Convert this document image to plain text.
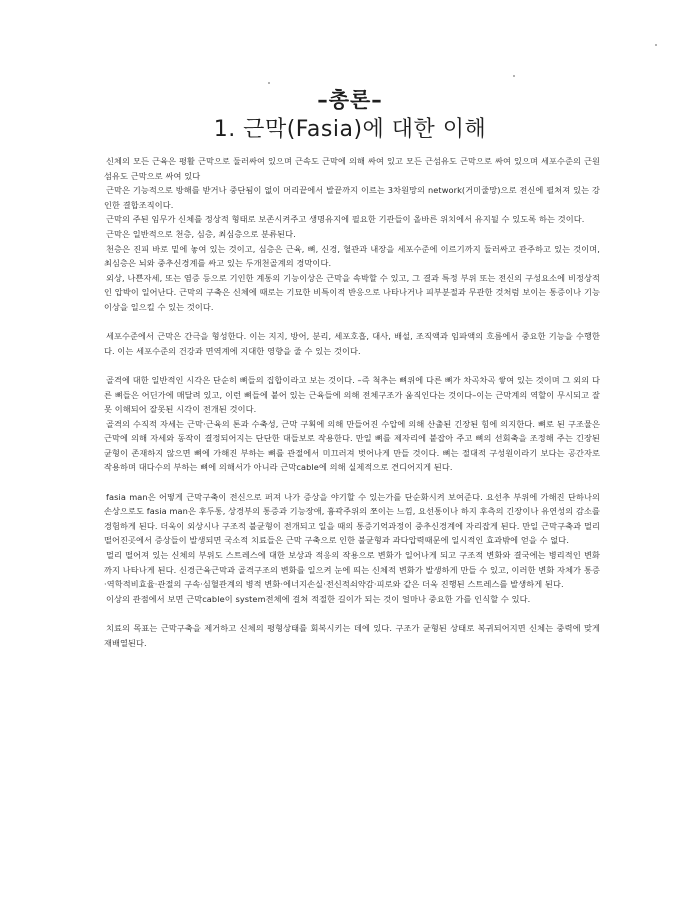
–총론–
1. 근막(Fasia)에 대한 이해

신체의 모든 근육은 평활 근막으로 둘러싸여 있으며 근속도 근막에 의해 싸여 있고 모든 근섬유도 근막으로 싸여 있으며 세포수준의 근원섬유도 근막으로 싸여 있다

근막은 기능적으로 방해를 받거나 중단됨이 없이 머리끝에서 발끝까지 이르는 3차원망의 network(거미줄망)으로 전신에 펼쳐져 있는 강인한 결합조직이다.

근막의 주된 임무가 신체를 정상적 형태로 보존시켜주고 생명유지에 필요한 기관들이 올바른 위치에서 유지될 수 있도록 하는 것이다.

근막은 일반적으로 천층, 심층, 최심층으로 분류된다.

천층은 진피 바로 밑에 놓여 있는 것이고, 심층은 근육, 뼈, 신경, 혈관과 내장을 세포수준에 이르기까지 둘러싸고 관주하고 있는 것이며, 최심층은 뇌와 중추신경계를 싸고 있는 두개천골계의 경막이다.

외상, 나쁜자세, 또는 염증 등으로 기인한 계통의 기능이상은 근막을 속박할 수 있고, 그 결과 특정 부위 또는 전신의 구성요소에 비정상적인 압박이 일어난다. 근막의 구축은 신체에 때로는 기묘한 비특이적 반응으로 나타나거나 피부분절과 무관한 것처럼 보이는 통증이나 기능이상을 일으킬 수 있는 것이다.

세포수준에서 근막은 간극을 형성한다. 이는 지지, 방어, 분리, 세포호흡, 대사, 배설, 조직액과 임파액의 흐름에서 중요한 기능을 수행한다. 이는 세포수준의 건강과 면역계에 지대한 영향을 줄 수 있는 것이다.

골격에 대한 일반적인 시각은 단순히 뼈들의 집합이라고 보는 것이다. –즉 척추는 뼈위에 다른 뼈가 차곡차곡 쌓여 있는 것이며 그 외의 다른 뼈들은 어딘가에 매달려 있고, 이런 뼈들에 붙어 있는 근육들에 의해 전체구조가 움직인다는 것이다–이는 근막계의 역할이 무시되고 잘못 이해되어 잘못된 시각이 전개된 것이다.

골격의 수직적 자세는 근막·근육의 톤과 수축성, 근막 구획에 의해 만들어진 수압에 의해 산출된 긴장된 힘에 의지한다. 뼈로 된 구조물은 근막에 의해 자세와 동작이 결정되어지는 단단한 대들보로 작용한다. 만일 뼈를 제자리에 붙잡아 주고 뼈의 선회축을 조정해 주는 긴장된 균형이 존재하지 않으면 뼈에 가해진 부하는 뼈를 관절에서 미끄러져 벗어나게 만들 것이다. 뼈는 절대적 구성원이라기 보다는 공간자로 작용하며 대다수의 부하는 뼈에 의해서가 아니라 근막cable에 의해 실제적으로 견디어지게 된다.

fasia man은 어떻게 근막구축이 전신으로 퍼져 나가 증상을 야기할 수 있는가를 단순화시켜 보여준다. 요선추 부위에 가해진 단하나의 손상으로도 fasia man은 후두통, 상경부의 통증과 기능장애, 흉곽주위의 쪼이는 느낌, 요선통이나 하지 후측의 긴장이나 유연성의 감소를 경험하게 된다. 더욱이 외상시나 구조적 불균형이 전개되고 일을 때의 통증기억과정이 중추신경계에 자리잡게 된다. 만일 근막구축과 멀리 떨어진곳에서 증상들이 발생되면 국소적 치료들은 근막 구축으로 인한 불균형과 과다압력때문에 일시적인 효과밖에 얻을 수 없다.

멀리 떨어져 있는 신체의 부위도 스트레스에 대한 보상과 적응의 작용으로 변화가 일어나게 되고 구조적 변화와 결국에는 병리적인 변화까지 나타나게 된다. 신경근육근막과 골격구조의 변화를 일으켜 눈에 띄는 신체적 변화가 발생하게 만들 수 있고, 이러한 변화 자체가 통증·역학적비효율·관절의 구속·심혈관계의 병적 변화·에너지손실·전신적쇠약감·피로와 같은 더욱 진행된 스트레스를 발생하게 된다.

이상의 관점에서 보면 근막cable이 system전체에 걸쳐 적절한 길이가 되는 것이 얼마나 중요한 가를 인식할 수 있다.

치료의 목표는 근막구축을 제거하고 신체의 평형상태를 회복시키는 데에 있다. 구조가 균형된 상태로 복귀되어지면 신체는 중력에 맞게 재배열된다.
